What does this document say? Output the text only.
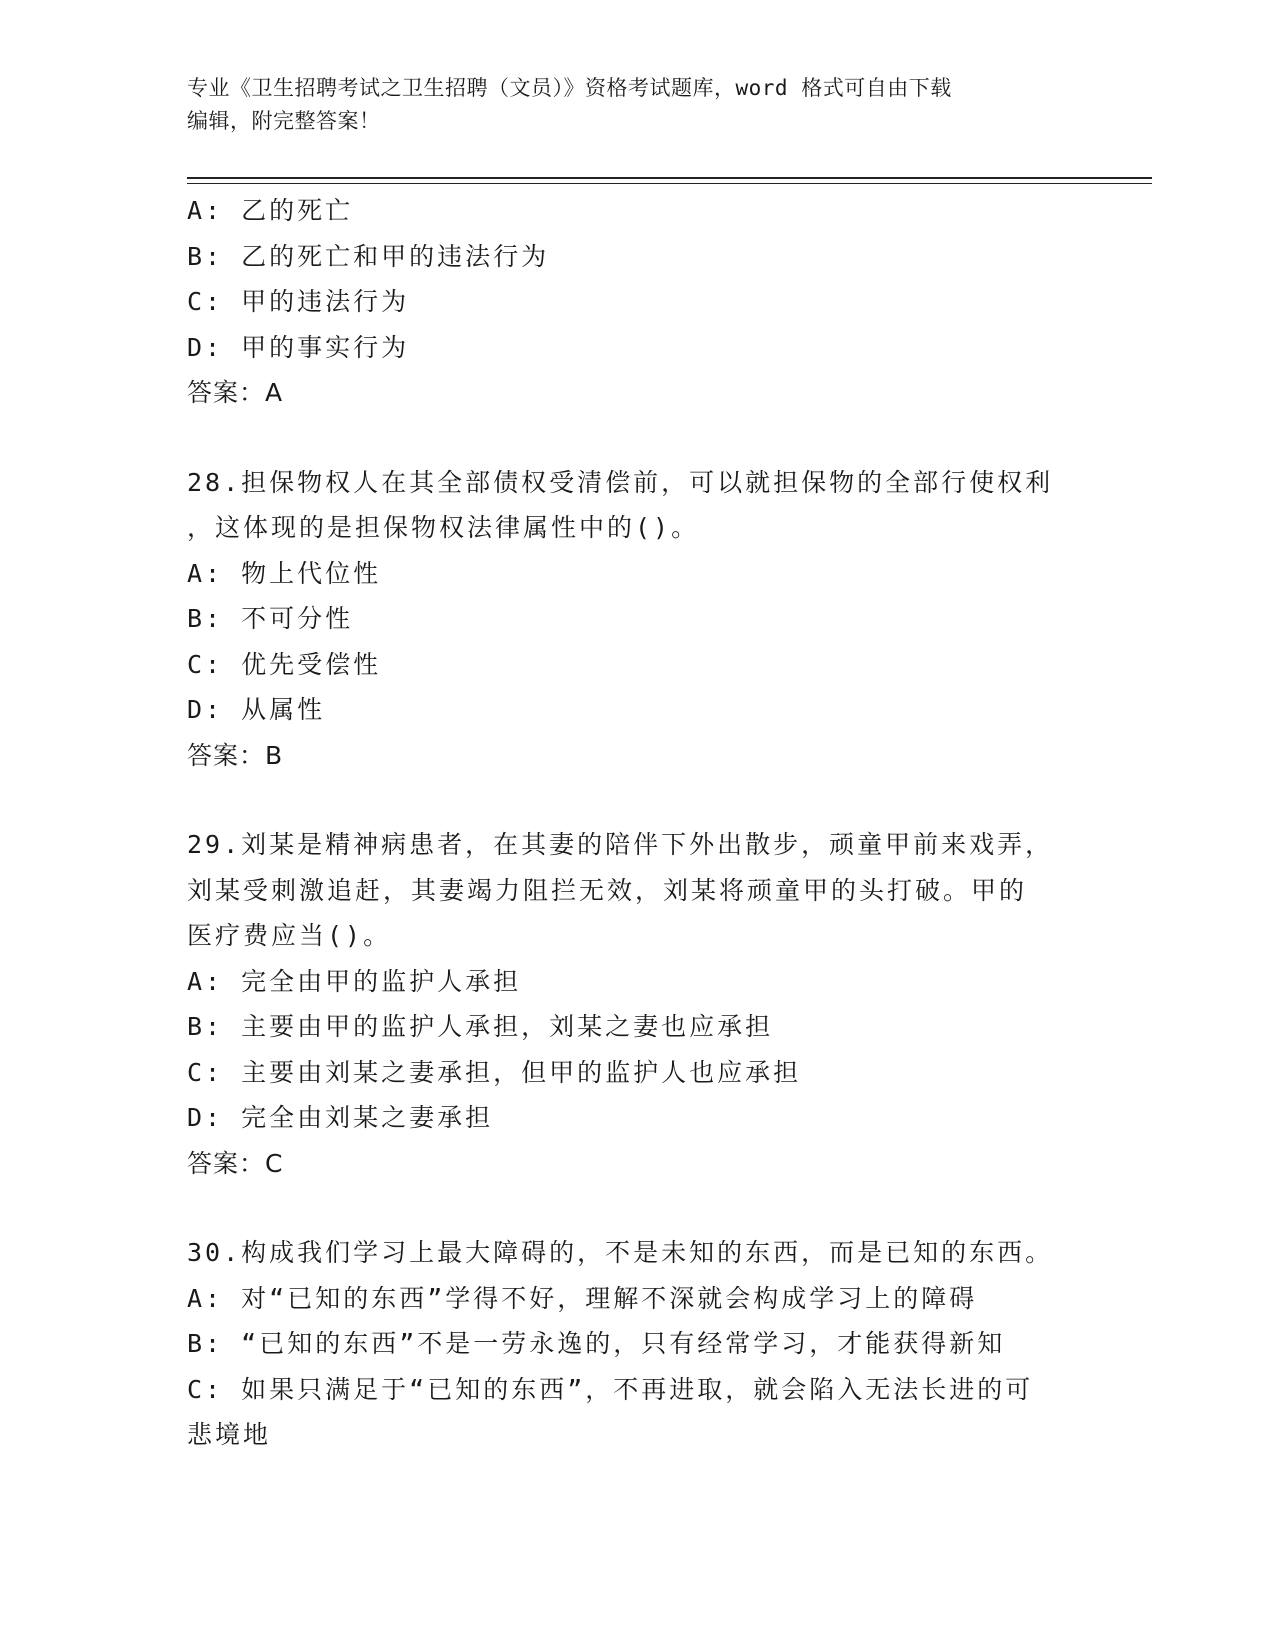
专业《卫生招聘考试之卫生招聘（文员）》资格考试题库，word 格式可自由下载
编辑，附完整答案！
A: 乙的死亡
B: 乙的死亡和甲的违法行为
C: 甲的违法行为
D: 甲的事实行为
答案：A
28.担保物权人在其全部债权受清偿前，可以就担保物的全部行使权利
，这体现的是担保物权法律属性中的()。
A: 物上代位性
B: 不可分性
C: 优先受偿性
D: 从属性
答案：B
29.刘某是精神病患者，在其妻的陪伴下外出散步，顽童甲前来戏弄，
刘某受刺激追赶，其妻竭力阻拦无效，刘某将顽童甲的头打破。甲的
医疗费应当()。
A: 完全由甲的监护人承担
B: 主要由甲的监护人承担，刘某之妻也应承担
C: 主要由刘某之妻承担，但甲的监护人也应承担
D: 完全由刘某之妻承担
答案：C
30.构成我们学习上最大障碍的，不是未知的东西，而是已知的东西。
A: 对“已知的东西”学得不好，理解不深就会构成学习上的障碍
B: “已知的东西”不是一劳永逸的，只有经常学习，才能获得新知
C: 如果只满足于“已知的东西”，不再进取，就会陷入无法长进的可
悲境地
